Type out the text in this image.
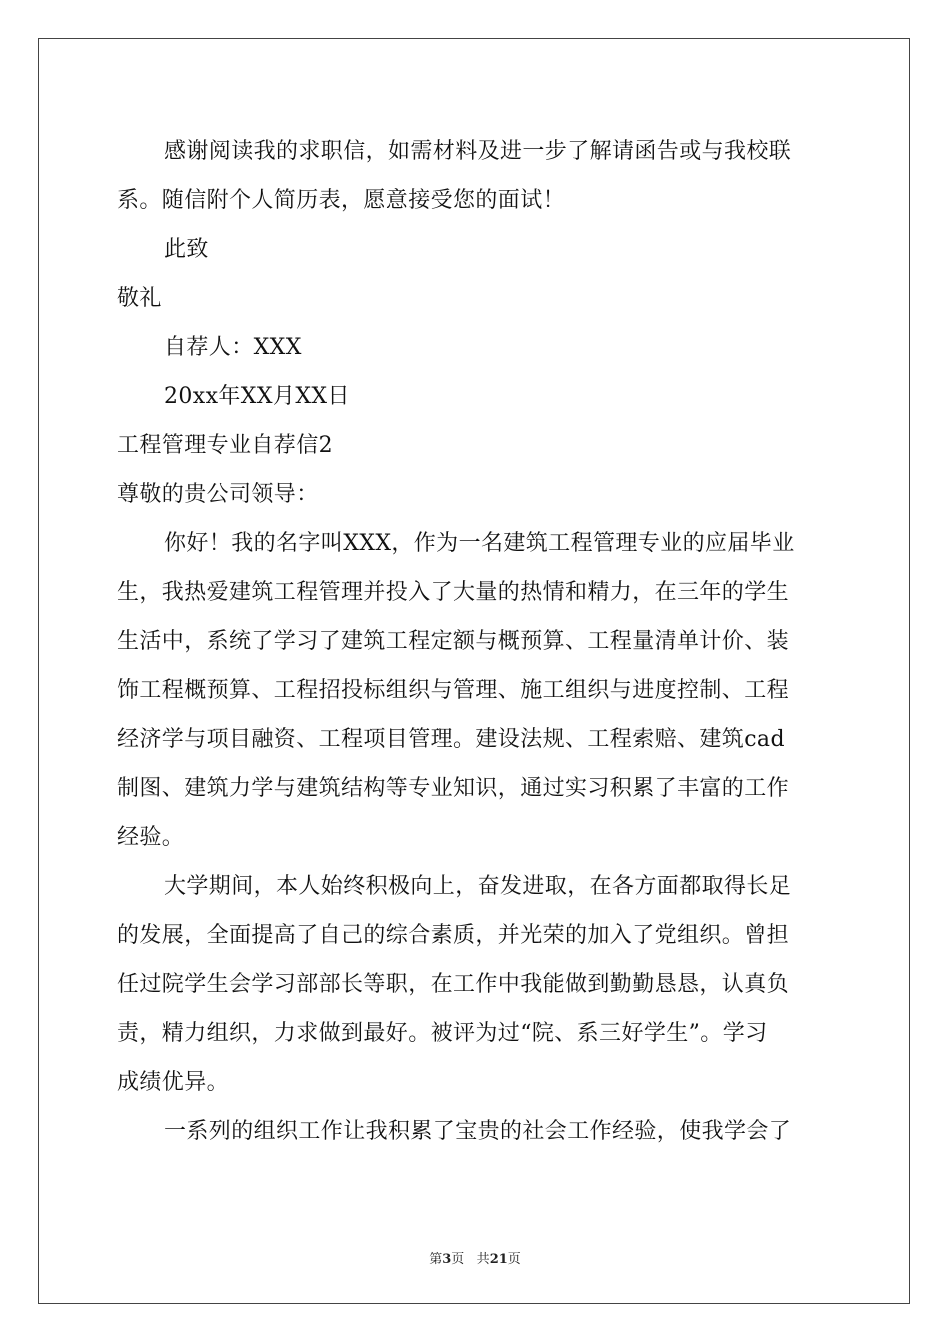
感谢阅读我的求职信，如需材料及进一步了解请函告或与我校联
系。随信附个人简历表，愿意接受您的面试！
此致
敬礼
自荐人：XXX
20xx年XX月XX日
工程管理专业自荐信2
尊敬的贵公司领导：
你好！我的名字叫XXX，作为一名建筑工程管理专业的应届毕业
生，我热爱建筑工程管理并投入了大量的热情和精力，在三年的学生
生活中，系统了学习了建筑工程定额与概预算、工程量清单计价、装
饰工程概预算、工程招投标组织与管理、施工组织与进度控制、工程
经济学与项目融资、工程项目管理。建设法规、工程索赔、建筑cad
制图、建筑力学与建筑结构等专业知识，通过实习积累了丰富的工作
经验。
大学期间，本人始终积极向上，奋发进取，在各方面都取得长足
的发展，全面提高了自己的综合素质，并光荣的加入了党组织。曾担
任过院学生会学习部部长等职，在工作中我能做到勤勤恳恳，认真负
责，精力组织，力求做到最好。被评为过“院、系三好学生”。学习
成绩优异。
一系列的组织工作让我积累了宝贵的社会工作经验，使我学会了
第3页 共21页
